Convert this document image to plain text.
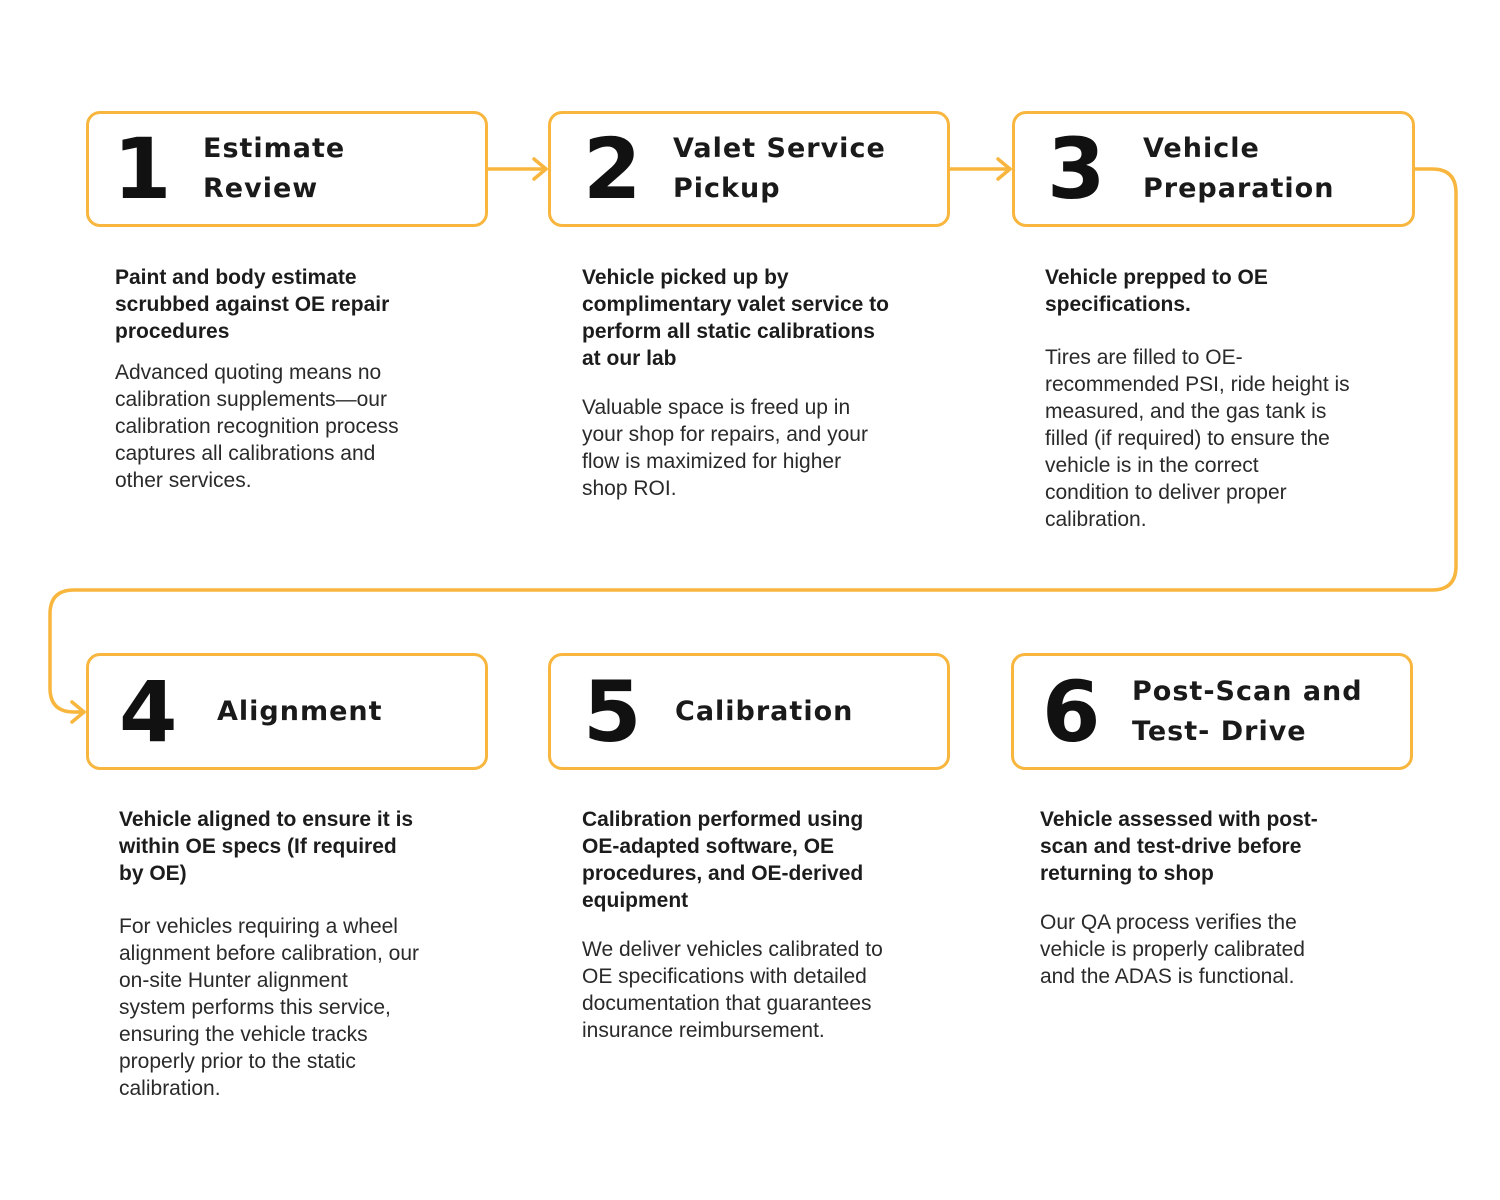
1	Estimate
Review

Paint and body estimate
scrubbed against OE repair
procedures

Advanced quoting means no
calibration supplements—our
calibration recognition process
captures all calibrations and
other services.

2	Valet Service
Pickup

Vehicle picked up by
complimentary valet service to
perform all static calibrations
at our lab

Valuable space is freed up in
your shop for repairs, and your
flow is maximized for higher
shop ROI.

3	Vehicle
Preparation

Vehicle prepped to OE
specifications.

Tires are filled to OE-
recommended PSI, ride height is
measured, and the gas tank is
filled (if required) to ensure the
vehicle is in the correct
condition to deliver proper
calibration.

4	Alignment

Vehicle aligned to ensure it is
within OE specs (If required
by OE)

For vehicles requiring a wheel
alignment before calibration, our
on-site Hunter alignment
system performs this service,
ensuring the vehicle tracks
properly prior to the static
calibration.

5	Calibration

Calibration performed using
OE-adapted software, OE
procedures, and OE-derived
equipment

We deliver vehicles calibrated to
OE specifications with detailed
documentation that guarantees
insurance reimbursement.

6	Post-Scan and
Test- Drive

Vehicle assessed with post-
scan and test-drive before
returning to shop

Our QA process verifies the
vehicle is properly calibrated
and the ADAS is functional.
